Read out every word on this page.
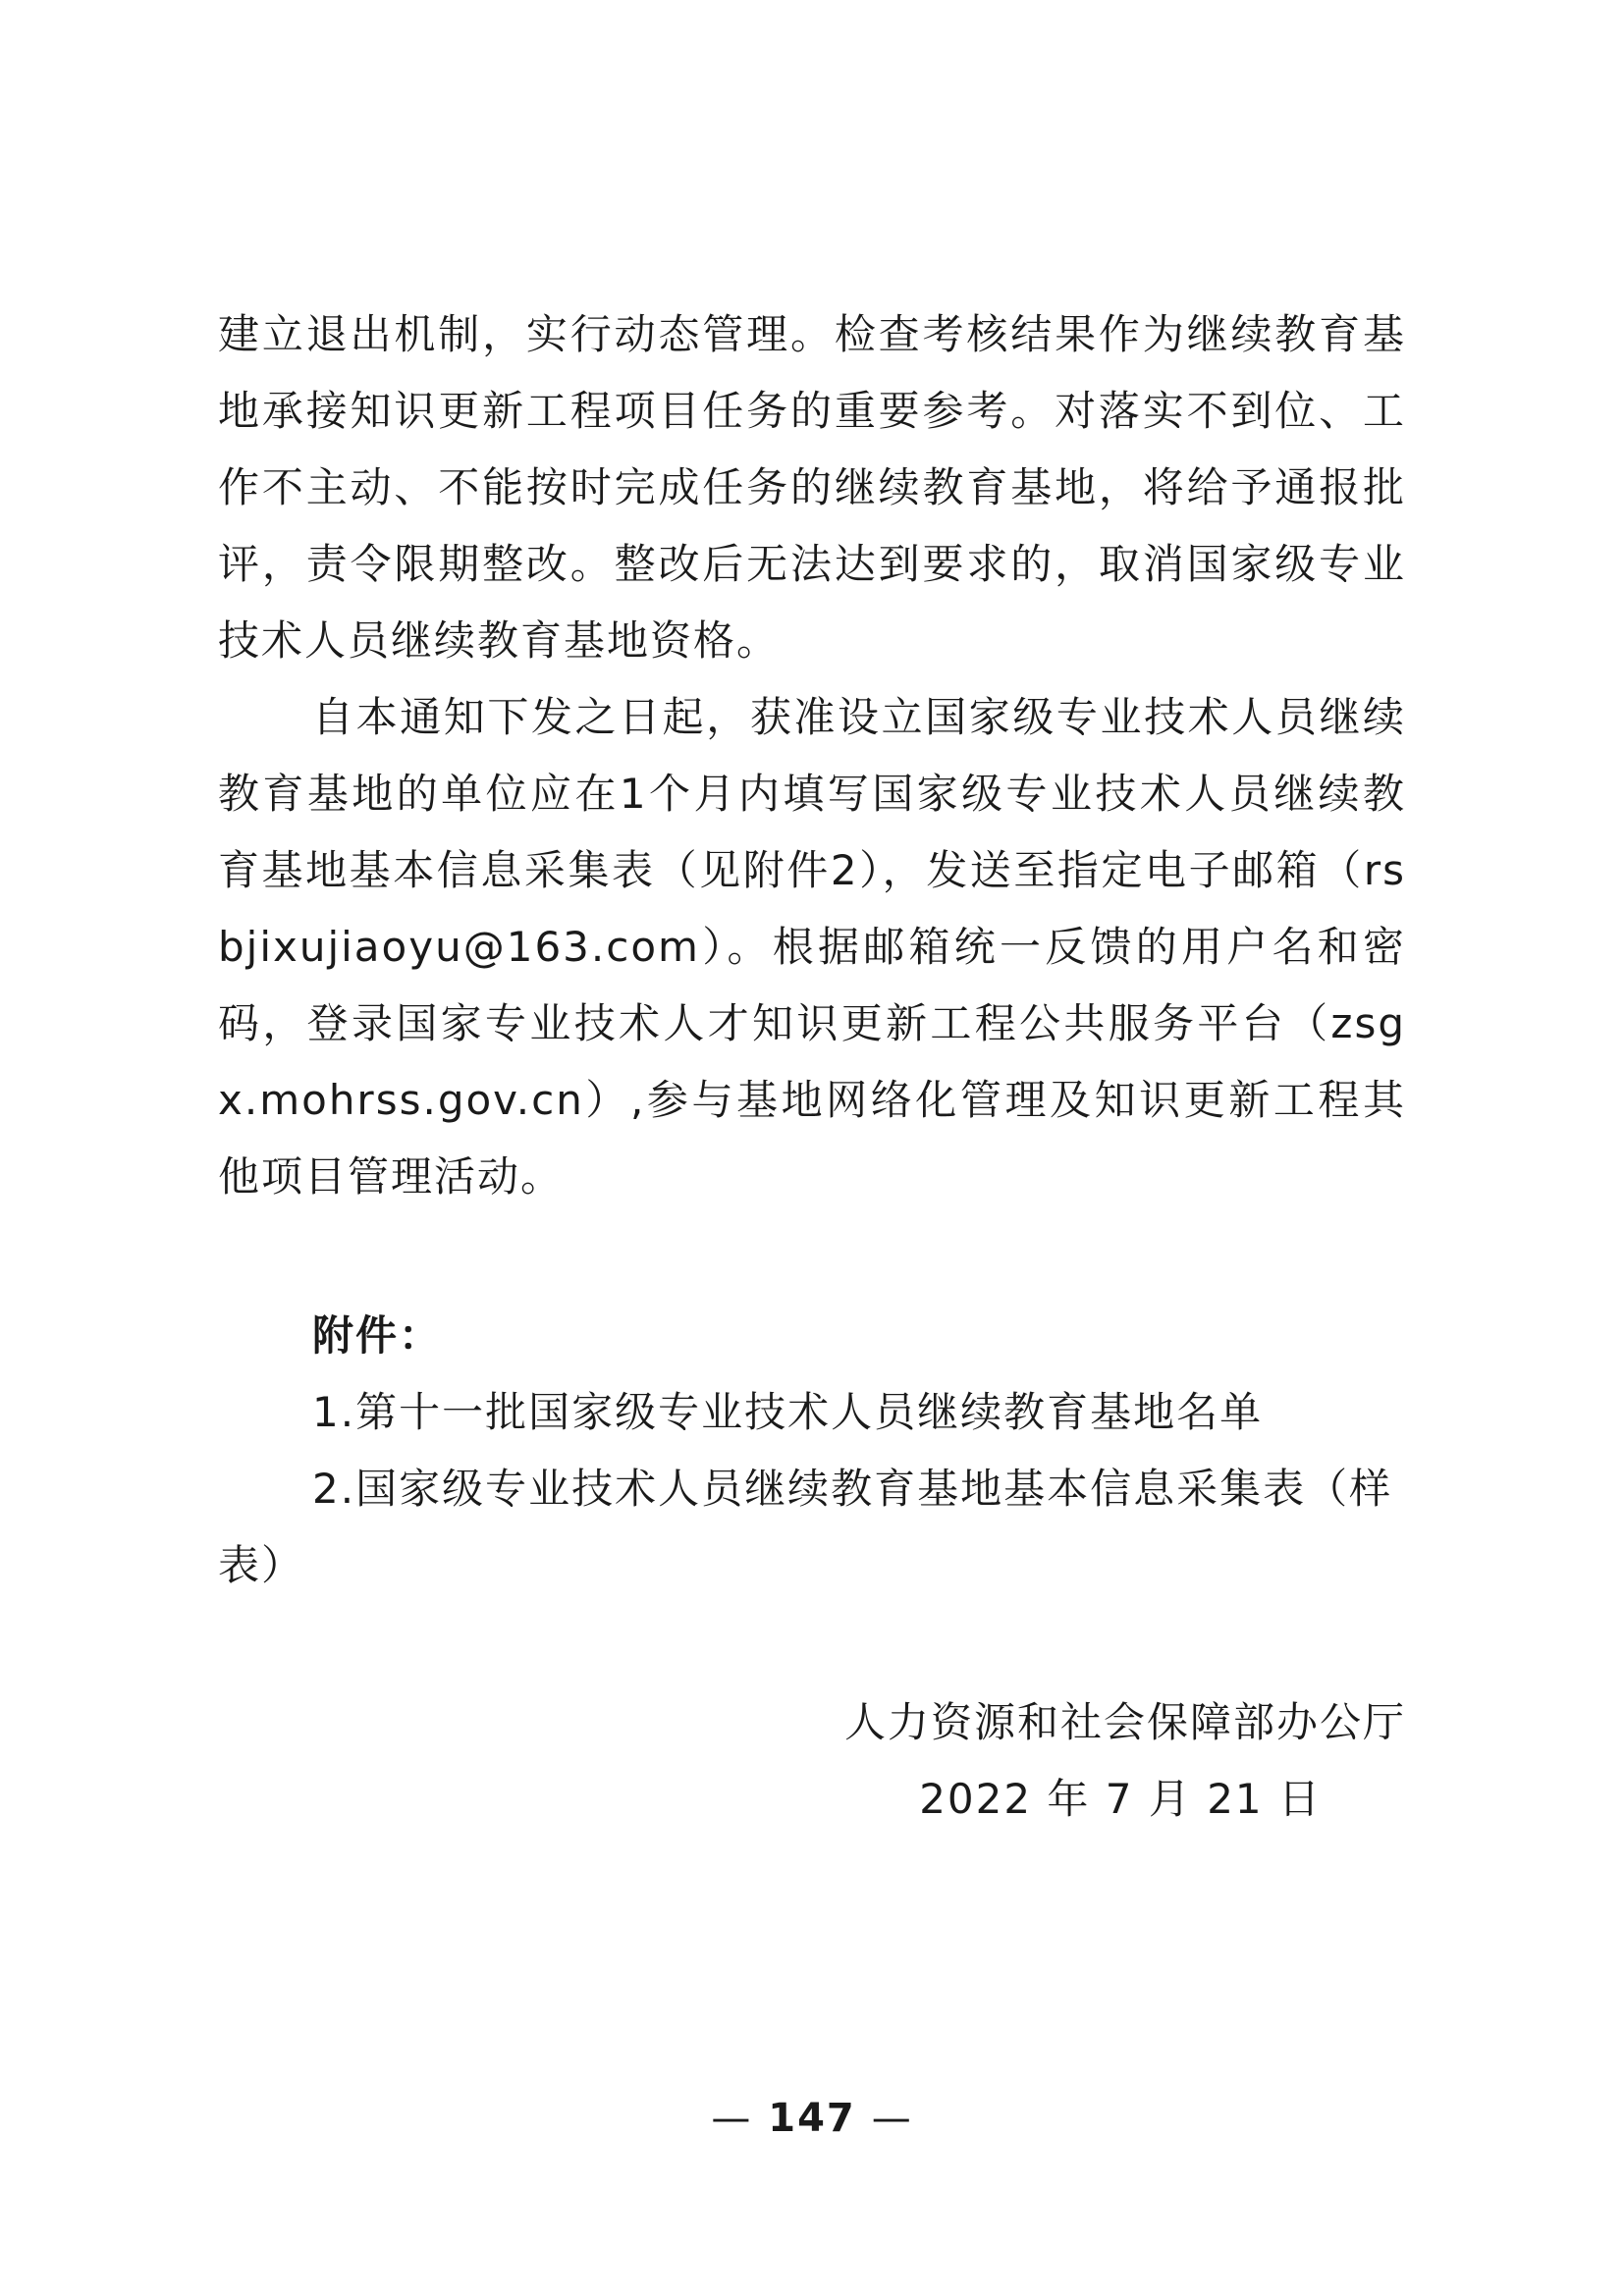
建立退出机制，实行动态管理。检查考核结果作为继续教育基地承接知识更新工程项目任务的重要参考。对落实不到位、工作不主动、不能按时完成任务的继续教育基地，将给予通报批评，责令限期整改。整改后无法达到要求的，取消国家级专业技术人员继续教育基地资格。

自本通知下发之日起，获准设立国家级专业技术人员继续教育基地的单位应在1个月内填写国家级专业技术人员继续教育基地基本信息采集表（见附件2），发送至指定电子邮箱（rsbjixujiaoyu@163.com）。根据邮箱统一反馈的用户名和密码，登录国家专业技术人才知识更新工程公共服务平台（zsgx.mohrss.gov.cn）,参与基地网络化管理及知识更新工程其他项目管理活动。

附件：

1.第十一批国家级专业技术人员继续教育基地名单

2.国家级专业技术人员继续教育基地基本信息采集表（样表）

人力资源和社会保障部办公厅

2022 年 7 月 21 日

— 147 —
